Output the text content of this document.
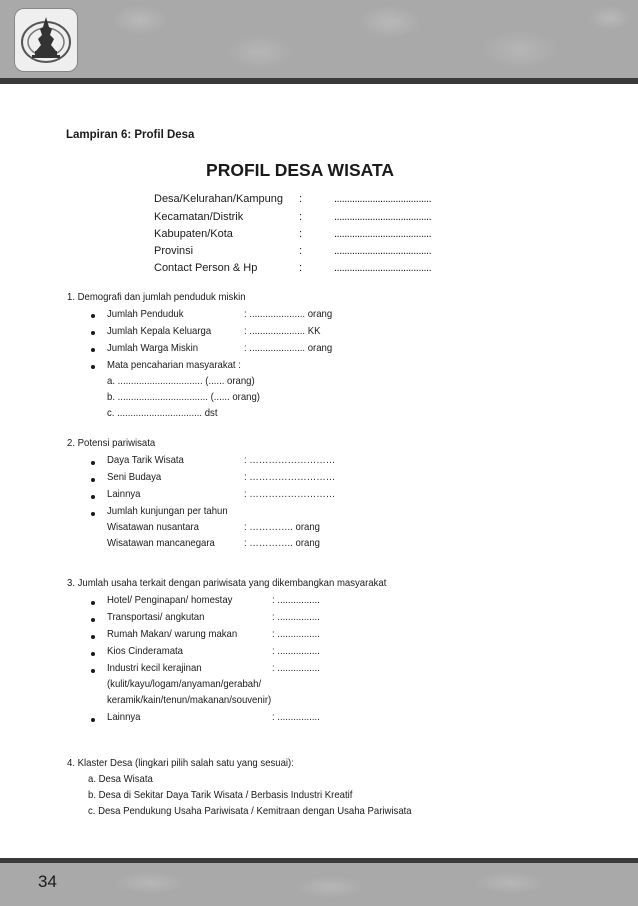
34
Lampiran 6: Profil Desa
PROFIL DESA WISATA
Desa/Kelurahan/Kampung :	......................................
Kecamatan/Distrik	:	......................................
Kabupaten/Kota	:	......................................
Provinsi	:	......................................
Contact Person & Hp	:	......................................
1. Demografi dan jumlah penduduk miskin
Jumlah Penduduk	: ..................... orang
Jumlah Kepala Keluarga	: ..................... KK
Jumlah Warga Miskin	: ..................... orang
Mata pencaharian masyarakat :
a. ................................ (...... orang)
b. .................................. (...... orang)
c. ................................ dst
2. Potensi pariwisata
Daya Tarik Wisata	: ………………………
Seni Budaya	: ………………………
Lainnya	: ………………………
Jumlah kunjungan per tahun
Wisatawan nusantara	: ………….. orang
Wisatawan mancanegara	: ………….. orang
3. Jumlah usaha terkait dengan pariwisata yang dikembangkan masyarakat
Hotel/ Penginapan/ homestay	: ................
Transportasi/ angkutan	: ................
Rumah Makan/ warung makan	: ................
Kios Cinderamata	: ................
Industri kecil kerajinan	: ................
(kulit/kayu/logam/anyaman/gerabah/
keramik/kain/tenun/makanan/souvenir)
Lainnya	: ................
4. Klaster Desa (lingkari pilih salah satu yang sesuai):
a. Desa Wisata
b. Desa di Sekitar Daya Tarik Wisata / Berbasis Industri Kreatif
c. Desa Pendukung Usaha Pariwisata / Kemitraan dengan Usaha Pariwisata
